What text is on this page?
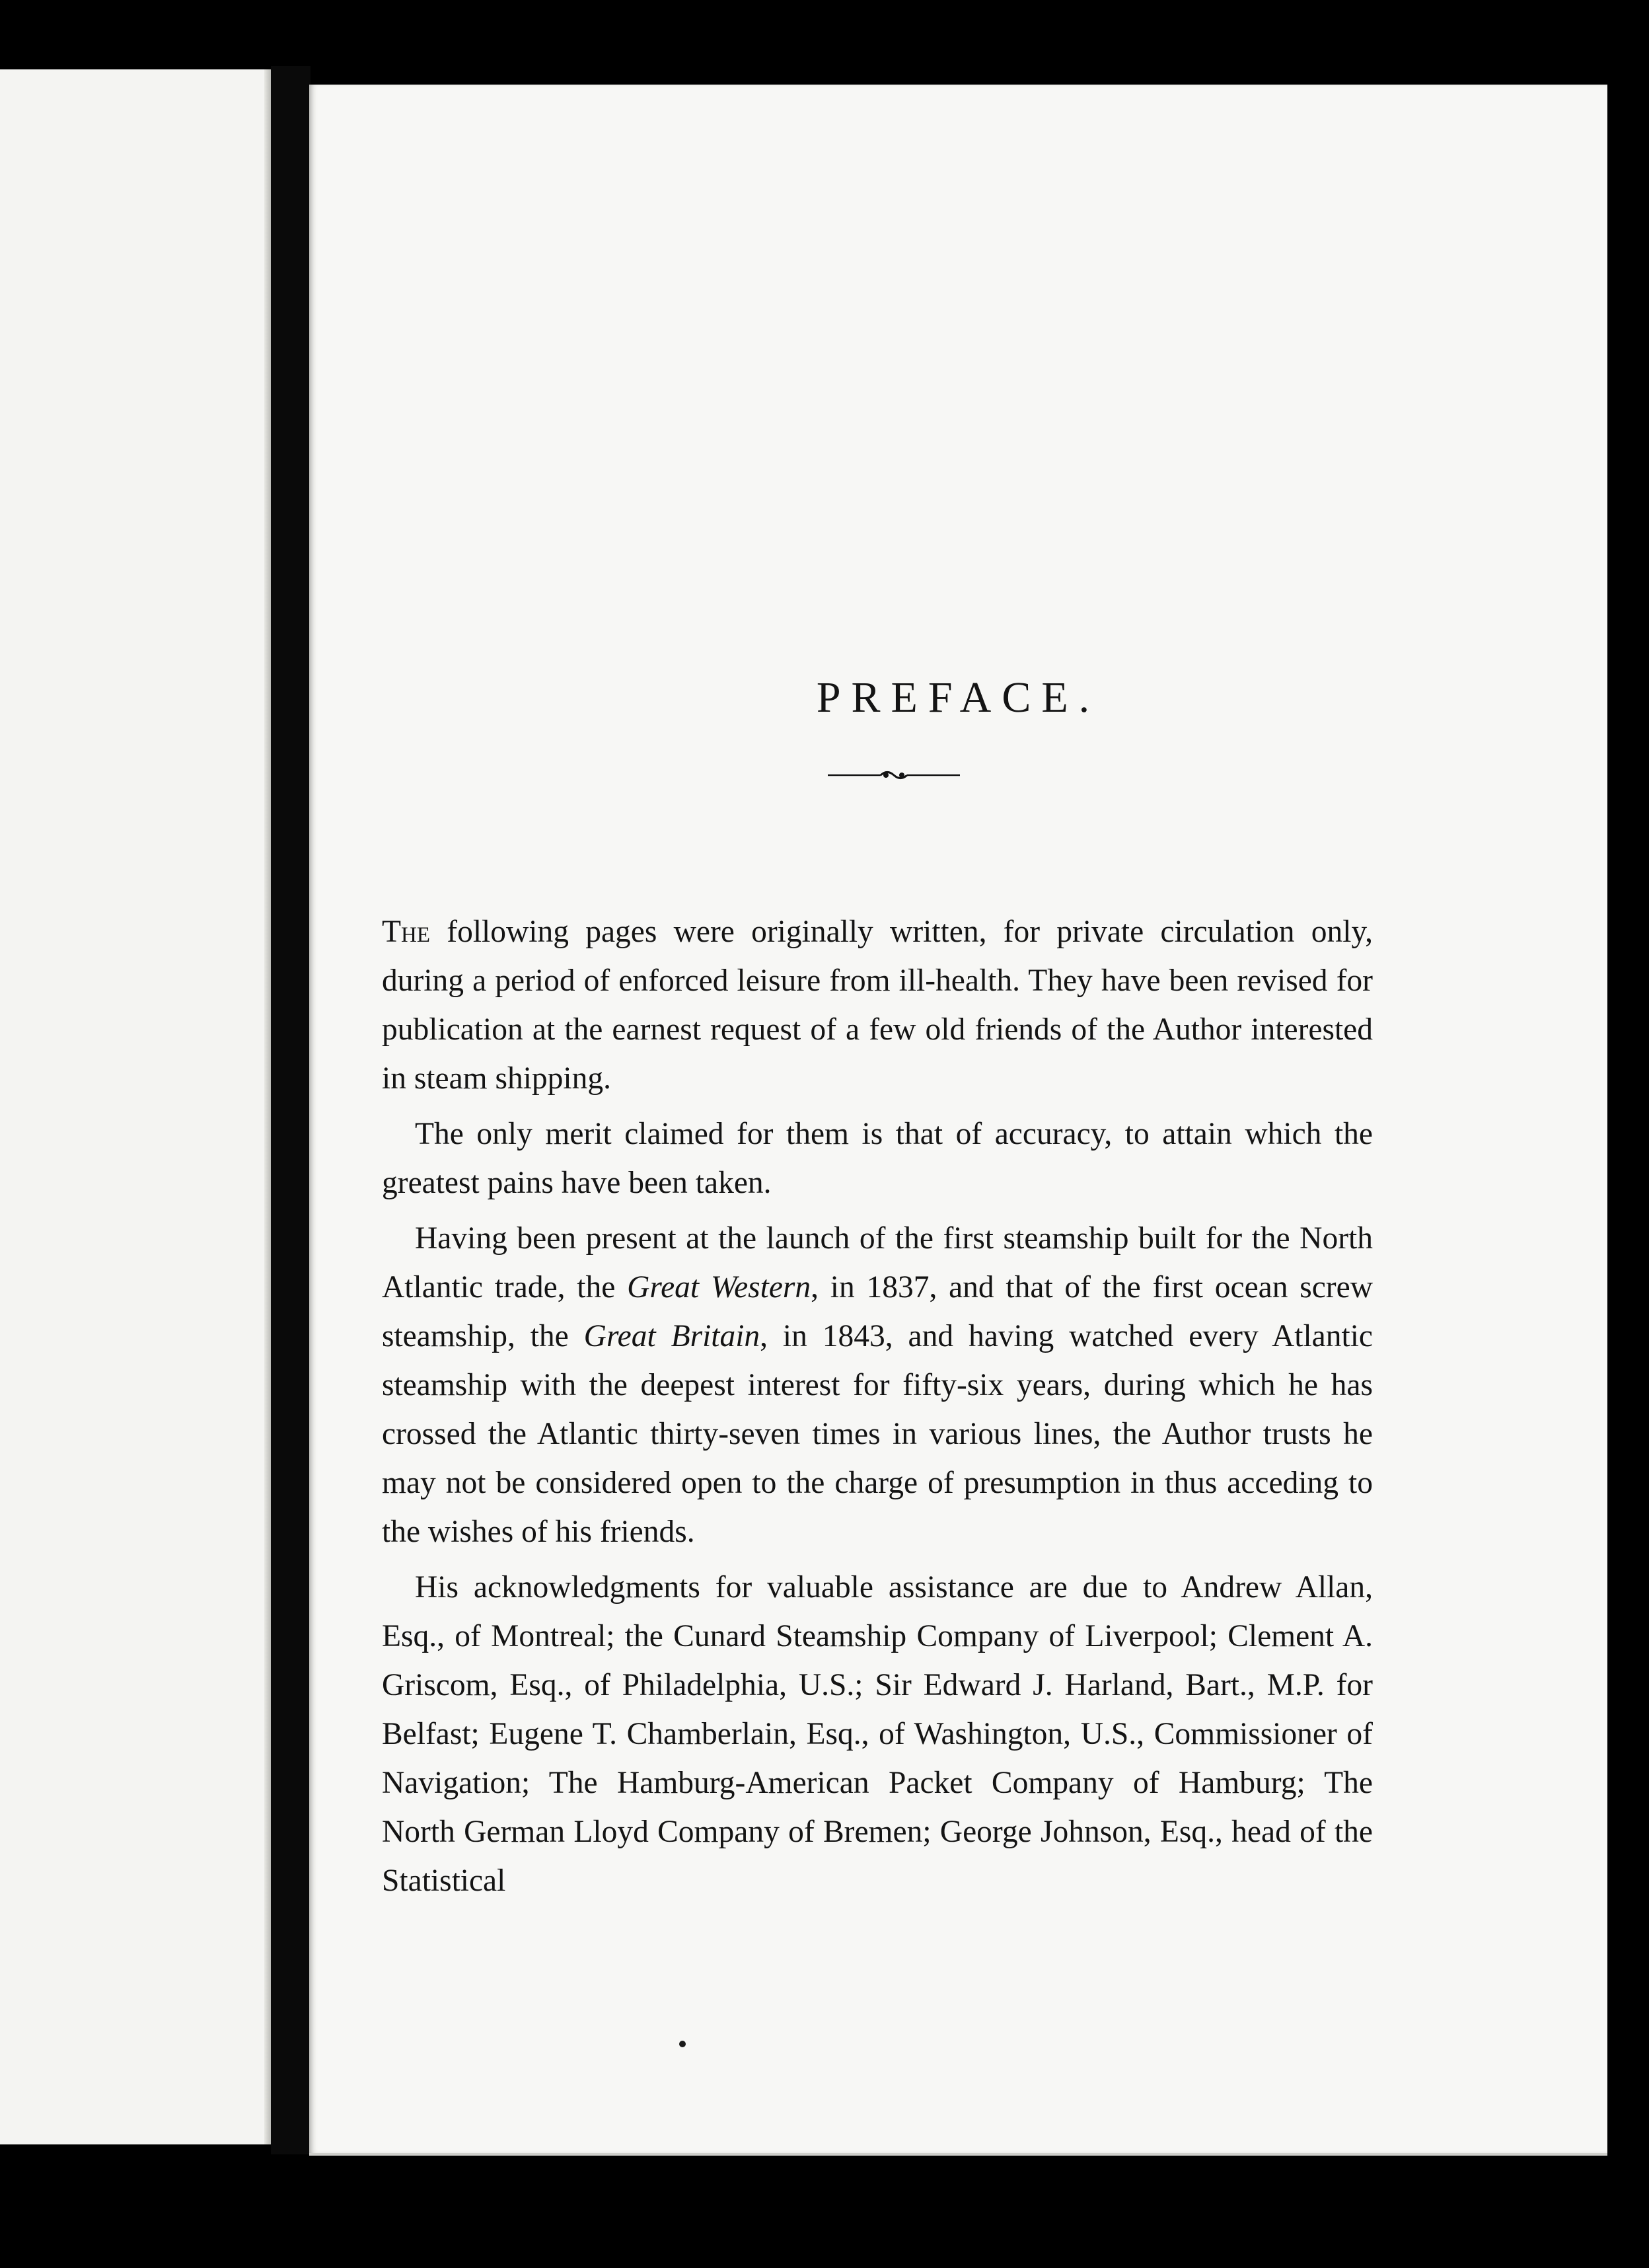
PREFACE.

The following pages were originally written, for private circulation only, during a period of enforced leisure from ill-health. They have been revised for publication at the earnest request of a few old friends of the Author interested in steam shipping.

The only merit claimed for them is that of accuracy, to attain which the greatest pains have been taken.

Having been present at the launch of the first steamship built for the North Atlantic trade, the Great Western, in 1837, and that of the first ocean screw steamship, the Great Britain, in 1843, and having watched every Atlantic steamship with the deepest interest for fifty-six years, during which he has crossed the Atlantic thirty-seven times in various lines, the Author trusts he may not be considered open to the charge of presumption in thus acceding to the wishes of his friends.

His acknowledgments for valuable assistance are due to Andrew Allan, Esq., of Montreal; the Cunard Steamship Company of Liverpool; Clement A. Griscom, Esq., of Philadelphia, U.S.; Sir Edward J. Harland, Bart., M.P. for Belfast; Eugene T. Chamberlain, Esq., of Washington, U.S., Commissioner of Navigation; The Hamburg-American Packet Company of Hamburg; The North German Lloyd Company of Bremen; George Johnson, Esq., head of the Statistical
